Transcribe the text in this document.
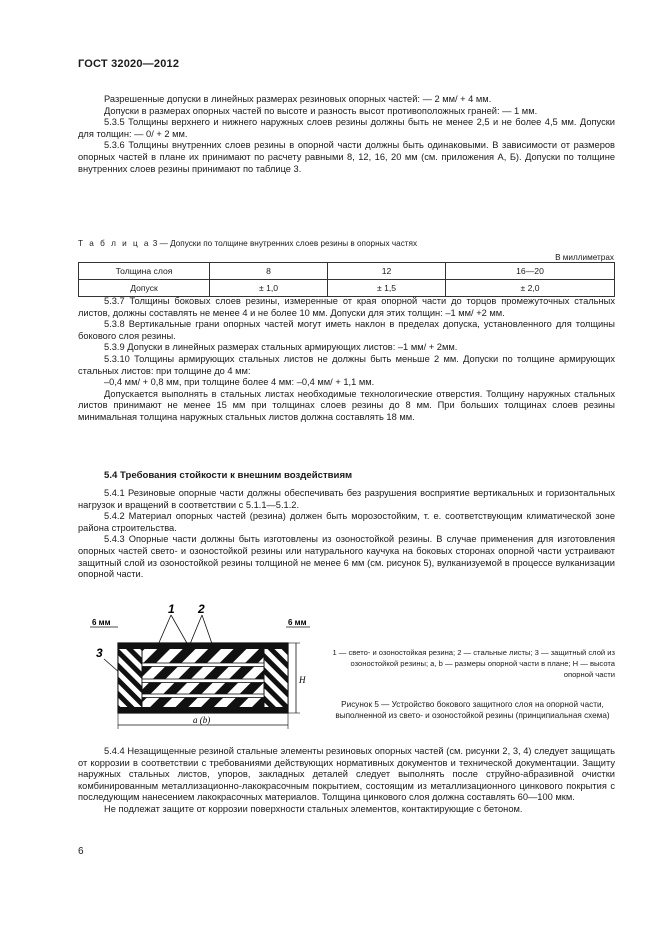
ГОСТ 32020—2012

Разрешенные допуски в линейных размерах резиновых опорных частей: — 2 мм/ + 4 мм.

Допуски в размерах опорных частей по высоте и разность высот противоположных граней: — 1 мм.

5.3.5 Толщины верхнего и нижнего наружных слоев резины должны быть не менее 2,5 и не более 4,5 мм. Допуски для толщин: — 0/ + 2 мм.

5.3.6 Толщины внутренних слоев резины в опорной части должны быть одинаковыми. В зависимости от размеров опорных частей в плане их принимают по расчету равными 8, 12, 16, 20 мм (см. приложения А, Б). Допуски по толщине внутренних слоев резины принимают по таблице 3.

Т а б л и ц а 3 — Допуски по толщине внутренних слоев резины в опорных частях
В миллиметрах
Толщина слоя	8	12	16—20
Допуск	± 1,0	± 1,5	± 2,0

5.3.7 Толщины боковых слоев резины, измеренные от края опорной части до торцов промежуточных стальных листов, должны составлять не менее 4 и не более 10 мм. Допуски для этих толщин: –1 мм/ +2 мм.

5.3.8 Вертикальные грани опорных частей могут иметь наклон в пределах допуска, установленного для толщины бокового слоя резины.

5.3.9 Допуски в линейных размерах стальных армирующих листов: –1 мм/ + 2мм.

5.3.10 Толщины армирующих стальных листов не должны быть меньше 2 мм. Допуски по толщине армирующих стальных листов: при толщине до 4 мм:

–0,4 мм/ + 0,8 мм, при толщине более 4 мм: –0,4 мм/ + 1,1 мм.

Допускается выполнять в стальных листах необходимые технологические отверстия. Толщину наружных стальных листов принимают не менее 15 мм при толщинах слоев резины до 8 мм. При больших толщинах слоев резины минимальная толщина наружных стальных листов должна составлять 18 мм.

5.4 Требования стойкости к внешним воздействиям

5.4.1 Резиновые опорные части должны обеспечивать без разрушения восприятие вертикальных и горизонтальных нагрузок и вращений в соответствии с 5.1.1—5.1.2.

5.4.2 Материал опорных частей (резина) должен быть морозостойким, т. е. соответствующим климатической зоне района строительства.

5.4.3 Опорные части должны быть изготовлены из озоностойкой резины. В случае применения для изготовления опорных частей свето- и озоностойкой резины или натурального каучука на боковых сторонах опорной части устраивают защитный слой из озоностойкой резины толщиной не менее 6 мм (см. рисунок 5), вулканизуемой в процессе вулканизации опорной части.

6 мм	6 мм
1 2
3
H
a (b)
1 — свето- и озоностойкая резина; 2 — стальные листы; 3 — защитный слой из озоностойкой резины; a, b — размеры опорной части в плане; H — высота опорной части
Рисунок 5 — Устройство бокового защитного слоя на опорной части, выполненной из свето- и озоностойкой резины (принципиальная схема)

5.4.4 Незащищенные резиной стальные элементы резиновых опорных частей (см. рисунки 2, 3, 4) следует защищать от коррозии в соответствии с требованиями действующих нормативных документов и технической документации. Защиту наружных стальных листов, упоров, закладных деталей следует выполнять после струйно-абразивной очистки комбинированным металлизационно-лакокрасочным покрытием, состоящим из металлизационного цинкового покрытия с последующим нанесением лакокрасочных материалов. Толщина цинкового слоя должна составлять 60—100 мкм.

Не подлежат защите от коррозии поверхности стальных элементов, контактирующие с бетоном.

6
